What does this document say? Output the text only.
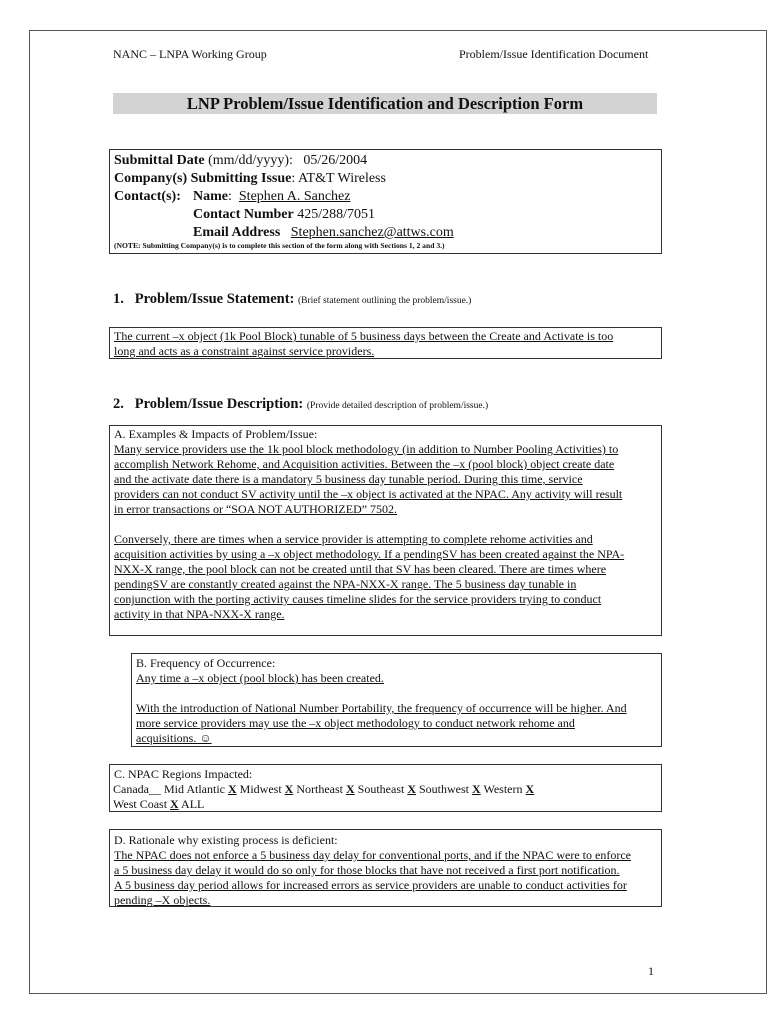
NANC – LNPA Working Group	Problem/Issue Identification Document
LNP Problem/Issue Identification and Description Form
Submittal Date (mm/dd/yyyy): 05/26/2004
Company(s) Submitting Issue: AT&T Wireless
Contact(s): Name:  Stephen A. Sanchez
Contact Number 425/288/7051
Email Address Stephen.sanchez@attws.com
(NOTE: Submitting Company(s) is to complete this section of the form along with Sections 1, 2 and 3.)
1. Problem/Issue Statement: (Brief statement outlining the problem/issue.)
The current –x object (1k Pool Block) tunable of 5 business days between the Create and Activate is too
long and acts as a constraint against service providers.
2. Problem/Issue Description: (Provide detailed description of problem/issue.)
A. Examples & Impacts of Problem/Issue:
Many service providers use the 1k pool block methodology (in addition to Number Pooling Activities) to
accomplish Network Rehome, and Acquisition activities. Between the –x (pool block) object create date
and the activate date there is a mandatory 5 business day tunable period. During this time, service
providers can not conduct SV activity until the –x object is activated at the NPAC. Any activity will result
in error transactions or “SOA NOT AUTHORIZED” 7502.
Conversely, there are times when a service provider is attempting to complete rehome activities and
acquisition activities by using a –x object methodology. If a pendingSV has been created against the NPA-
NXX-X range, the pool block can not be created until that SV has been cleared. There are times where
pendingSV are constantly created against the NPA-NXX-X range. The 5 business day tunable in
conjunction with the porting activity causes timeline slides for the service providers trying to conduct
activity in that NPA-NXX-X range.
B. Frequency of Occurrence:
Any time a –x object (pool block) has been created.
With the introduction of National Number Portability, the frequency of occurrence will be higher. And
more service providers may use the –x object methodology to conduct network rehome and
acquisitions. ☺
C. NPAC Regions Impacted:
Canada__ Mid Atlantic X Midwest X Northeast X Southeast X Southwest X Western X
West Coast X ALL
D. Rationale why existing process is deficient:
The NPAC does not enforce a 5 business day delay for conventional ports, and if the NPAC were to enforce
a 5 business day delay it would do so only for those blocks that have not received a first port notification.
A 5 business day period allows for increased errors as service providers are unable to conduct activities for
pending –X objects.
1
